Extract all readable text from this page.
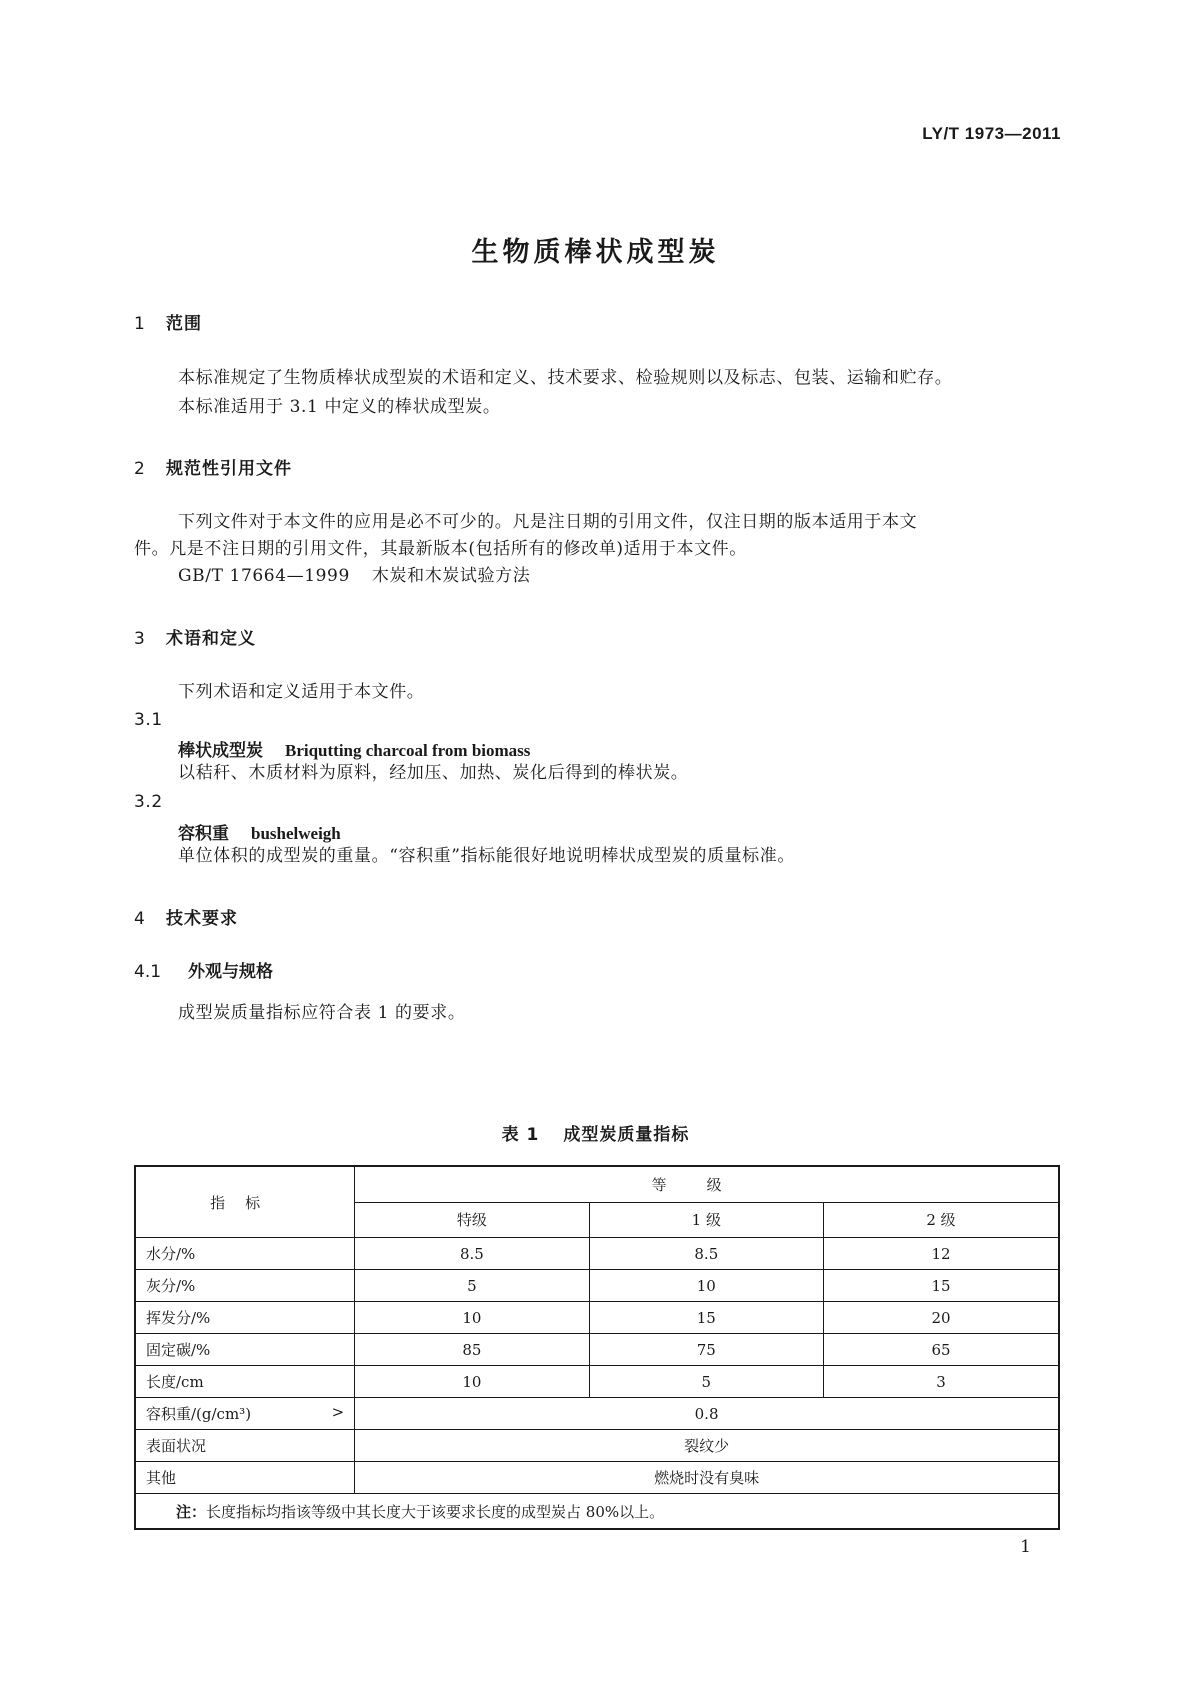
LY/T 1973—2011
生物质棒状成型炭
1 范围
本标准规定了生物质棒状成型炭的术语和定义、技术要求、检验规则以及标志、包装、运输和贮存。
本标准适用于 3.1 中定义的棒状成型炭。
2 规范性引用文件
下列文件对于本文件的应用是必不可少的。凡是注日期的引用文件，仅注日期的版本适用于本文
件。凡是不注日期的引用文件，其最新版本(包括所有的修改单)适用于本文件。
GB/T 17664—1999 木炭和木炭试验方法
3 术语和定义
下列术语和定义适用于本文件。
3.1
棒状成型炭 Briqutting charcoal from biomass
以秸秆、木质材料为原料，经加压、加热、炭化后得到的棒状炭。
3.2
容积重 bushelweigh
单位体积的成型炭的重量。“容积重”指标能很好地说明棒状成型炭的质量标准。
4 技术要求
4.1 外观与规格
成型炭质量指标应符合表 1 的要求。
表 1 成型炭质量指标
指标	等级		
	特级	1 级	2 级
水分/%	8.5	8.5	12
灰分/%	5	10	15
挥发分/%	10	15	20
固定碳/%	85	75	65
长度/cm	10	5	3
容积重/(g/cm³) >	0.8		
表面状况	裂纹少		
其他	燃烧时没有臭味		
注：长度指标均指该等级中其长度大于该要求长度的成型炭占 80%以上。			
1
